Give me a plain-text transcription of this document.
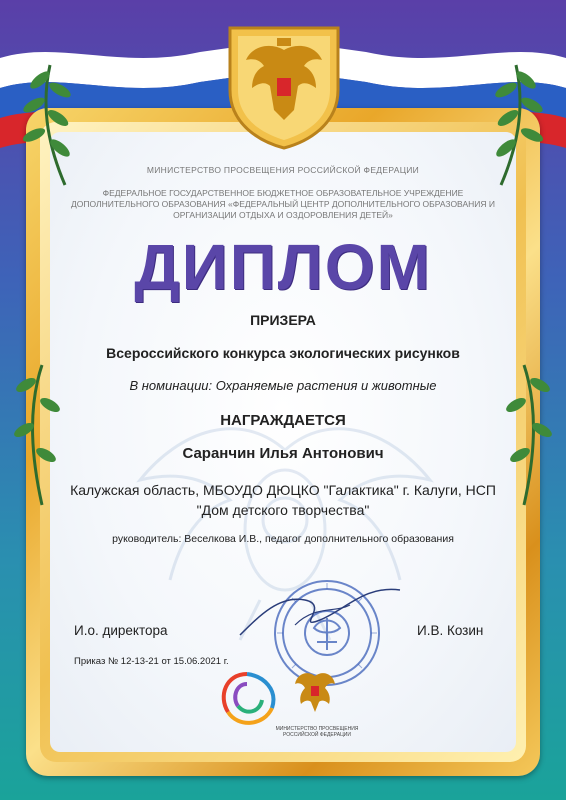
МИНИСТЕРСТВО ПРОСВЕЩЕНИЯ РОССИЙСКОЙ ФЕДЕРАЦИИ
ФЕДЕРАЛЬНОЕ ГОСУДАРСТВЕННОЕ БЮДЖЕТНОЕ ОБРАЗОВАТЕЛЬНОЕ УЧРЕЖДЕНИЕ ДОПОЛНИТЕЛЬНОГО ОБРАЗОВАНИЯ «ФЕДЕРАЛЬНЫЙ ЦЕНТР ДОПОЛНИТЕЛЬНОГО ОБРАЗОВАНИЯ И ОРГАНИЗАЦИИ ОТДЫХА И ОЗДОРОВЛЕНИЯ ДЕТЕЙ»
ДИПЛОМ
ПРИЗЕРА
Всероссийского конкурса экологических рисунков
В номинации: Охраняемые растения и животные
НАГРАЖДАЕТСЯ
Саранчин Илья Антонович
Калужская область, МБОУДО ДЮЦКО "Галактика" г. Калуги, НСП "Дом детского творчества"
руководитель: Веселкова И.В., педагог дополнительного образования
И.о. директора	И.В. Козин
Приказ № 12-13-21 от 15.06.2021 г.
МИНИСТЕРСТВО ПРОСВЕЩЕНИЯ РОССИЙСКОЙ ФЕДЕРАЦИИ
